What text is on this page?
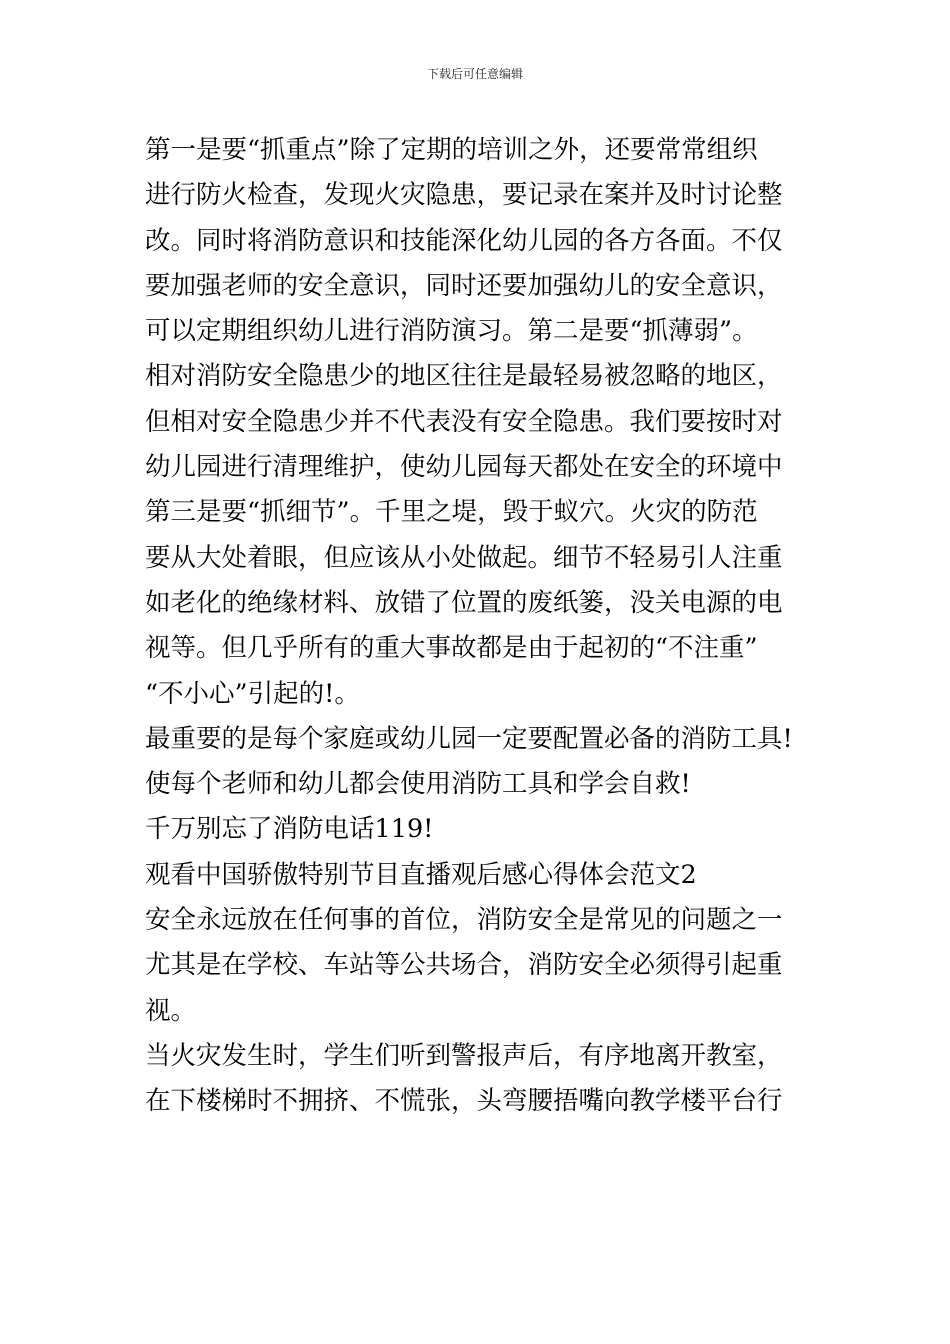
下载后可任意编辑
第一是要“抓重点”除了定期的培训之外，还要常常组织
进行防火检查，发现火灾隐患，要记录在案并及时讨论整
改。同时将消防意识和技能深化幼儿园的各方各面。不仅
要加强老师的安全意识，同时还要加强幼儿的安全意识，
可以定期组织幼儿进行消防演习。第二是要“抓薄弱”。
相对消防安全隐患少的地区往往是最轻易被忽略的地区，
但相对安全隐患少并不代表没有安全隐患。我们要按时对
幼儿园进行清理维护，使幼儿园每天都处在安全的环境中
第三是要“抓细节”。千里之堤，毁于蚁穴。火灾的防范
要从大处着眼，但应该从小处做起。细节不轻易引人注重
如老化的绝缘材料、放错了位置的废纸篓，没关电源的电
视等。但几乎所有的重大事故都是由于起初的“不注重”
“不小心”引起的!。
最重要的是每个家庭或幼儿园一定要配置必备的消防工具!
使每个老师和幼儿都会使用消防工具和学会自救!
千万别忘了消防电话119!
观看中国骄傲特别节目直播观后感心得体会范文2
安全永远放在任何事的首位，消防安全是常见的问题之一
尤其是在学校、车站等公共场合，消防安全必须得引起重
视。
当火灾发生时，学生们听到警报声后，有序地离开教室，
在下楼梯时不拥挤、不慌张，头弯腰捂嘴向教学楼平台行
